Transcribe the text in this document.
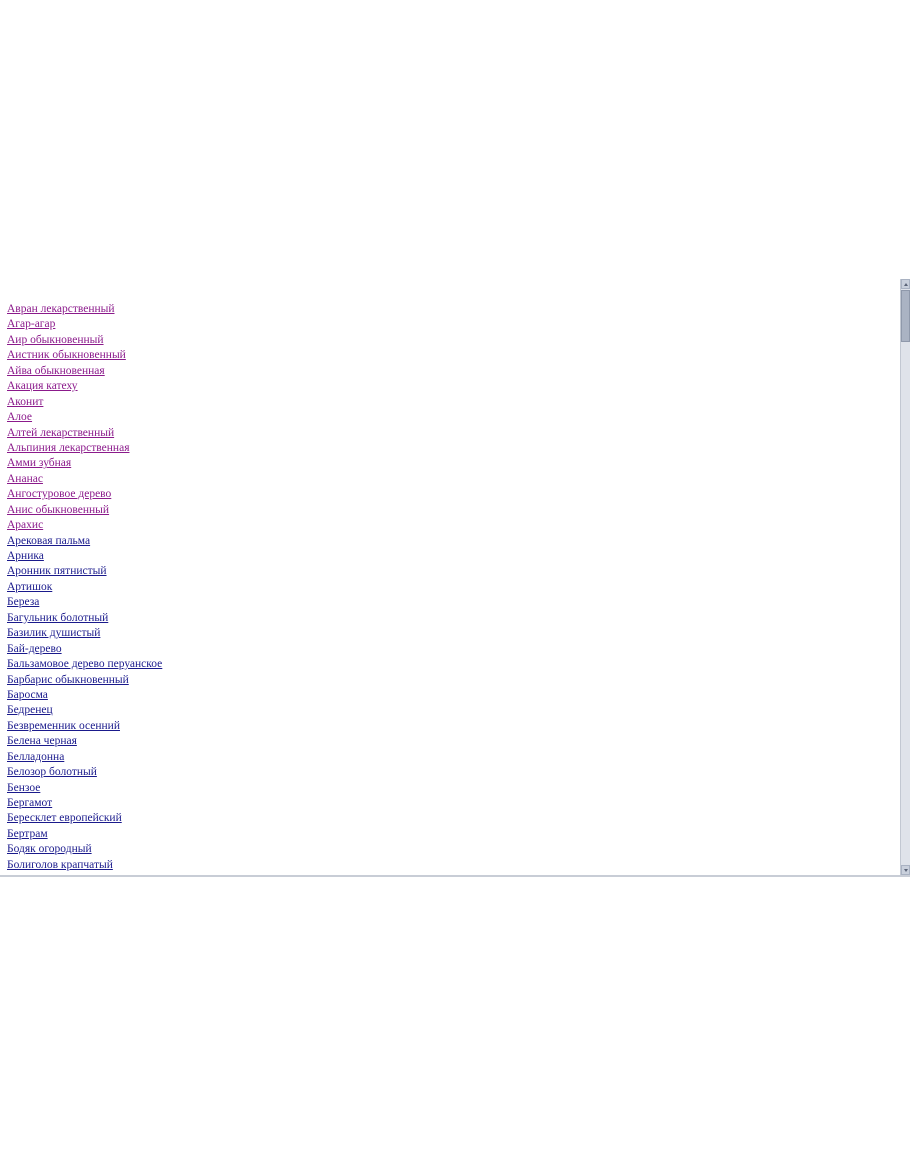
Авран лекарственный
Агар-агар
Аир обыкновенный
Аистник обыкновенный
Айва обыкновенная
Акация катеху
Аконит
Алое
Алтей лекарственный
Альпиния лекарственная
Амми зубная
Ананас
Ангостуровое дерево
Анис обыкновенный
Арахис
Арековая пальма
Арника
Аронник пятнистый
Артишок
Береза
Багульник болотный
Базилик душистый
Бай-дерево
Бальзамовое дерево перуанское
Барбарис обыкновенный
Баросма
Бедренец
Безвременник осенний
Белена черная
Белладонна
Белозор болотный
Бензое
Бергамот
Бересклет европейский
Бертрам
Бодяк огородный
Болиголов крапчатый
